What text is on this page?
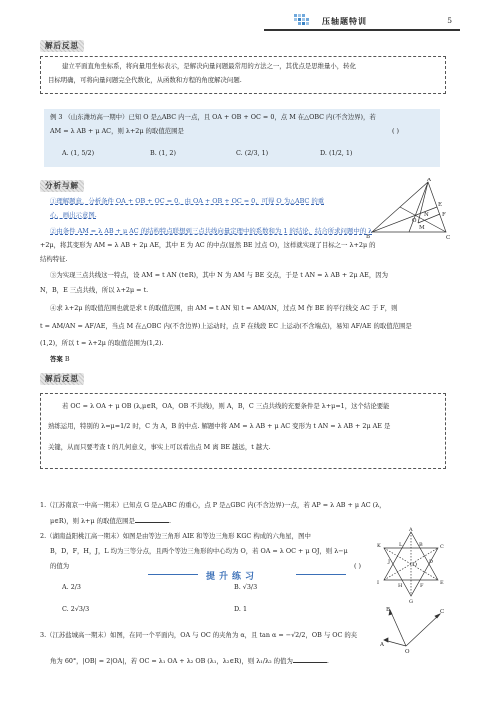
压轴题特训	5
解后反思
建立平面直角坐标系，将向量用坐标表示，是解决向量问题最常用的方法之一，其优点是思维量小，转化
目标明确，可将向量问题完全代数化，从函数和方程的角度解决问题.
例 3 （山东潍坊高一期中）已知 O 是△ABC 内一点，且 OA + OB + OC = 0，点 M 在△OBC 内(不含边界)，若
AM = λ AB + μ AC，则 λ+2μ 的取值范围是	( )
A. (1, 5/2)	B. (1, 2)	C. (2/3, 1)	D. (1/2, 1)
分析与解
A
B	C
O
M
N
E
F
①理解题意，分析条件 OA + OB + OC = 0，由 OA + OB + OC = 0，可得 O 为△ABC 的重
心，画出示意图.
②由条件 AM = λ AB + μ AC 的结构特点联想到三点共线向量定理中的系数和为 1 的结论，结合所求问题中的 λ
+2μ，将其变形为 AM = λ AB + 2μ AE，其中 E 为 AC 的中点(显然 BE 过点 O)，这样就实现了目标之一 λ+2μ 的
结构特征.
③为实现三点共线这一特点，设 AM = t AN (t∈R)，其中 N 为 AM 与 BE 交点，于是 t AN = λ AB + 2μ AE，因为
N，B，E 三点共线，所以 λ+2μ = t.
④求 λ+2μ 的取值范围也就是求 t 的取值范围，由 AM = t AN 知 t = AM/AN，过点 M 作 BE 的平行线交 AC 于 F，则
t = AM/AN = AF/AE，当点 M 在△OBC 内(不含边界)上运动时，点 F 在线段 EC 上运动(不含端点)，易知 AF/AE 的取值范围是
(1,2)，所以 t = λ+2μ 的取值范围为(1,2).
答案 B
解后反思
若 OC = λ OA + μ OB (λ,μ∈R，OA，OB 不共线)，则 A，B，C 三点共线的充要条件是 λ+μ=1，这个结论要能
熟练运用，特别的 λ=μ=1/2 时，C 为 A，B 的中点. 解题中将 AM = λ AB + μ AC 变形为 t AN = λ AB + 2μ AE 是
关键，从而只要考查 t 的几何意义，事实上可以看出点 M 离 BE 越远，t 越大.
提升练习
1.（江苏南京一中高一期末）已知点 G 是△ABC 的重心，点 P 是△GBC 内(不含边界)一点，若 AP = λ AB + μ AC (λ，
μ∈R)，则 λ+μ 的取值范围是	.
2.（湖南益阳桃江高一期末）如图是由等边三角形 AIE 和等边三角形 KGC 构成的六角星，图中
B，D，F，H，J，L 均为三等分点，且两个等边三角形的中心均为 O，若 OA = λ OC + μ OJ，则 λ−μ
的值为	( )
A. 2/3	B. √3/3
C. 2√3/3	D. 1
A
B	C
D
E
F
G
H
I
J
K	L
O
3.（江苏盐城高一期末）如图，在同一个平面内，OA 与 OC 的夹角为 α，且 tan α = −√2/2，OB 与 OC 的夹
角为 60°，|OB| = 2|OA|，若 OC = λ₁ OA + λ₂ OB (λ₁，λ₂∈R)，则 λ₁/λ₂ 的值为	.
B	C
A
O
